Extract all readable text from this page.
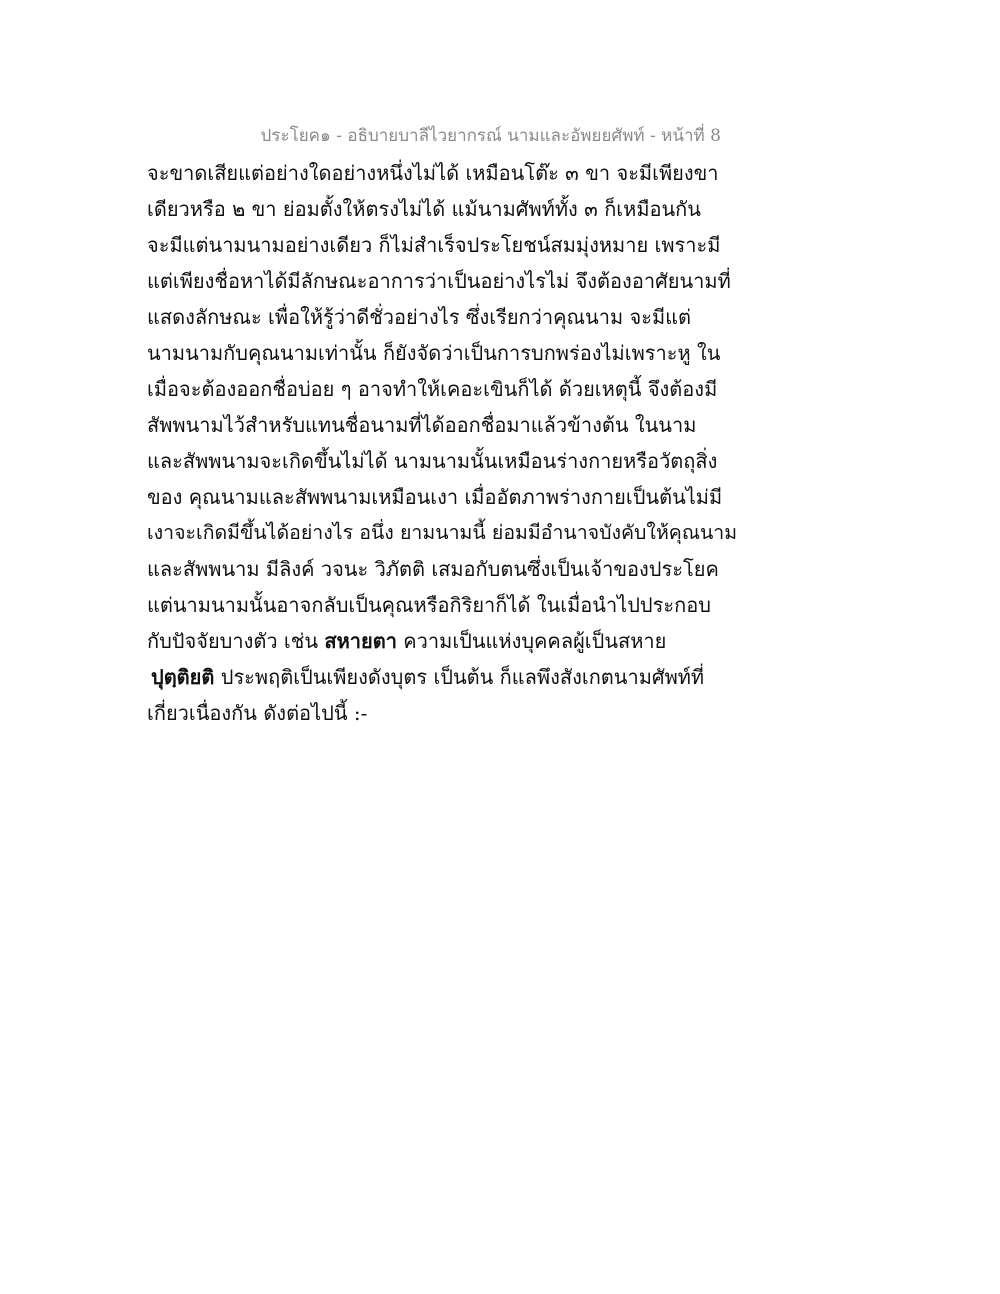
ประโยค๑ - อธิบายบาลีไวยากรณ์ นามและอัพยยศัพท์ - หน้าที่ 8
จะขาดเสียแต่อย่างใดอย่างหนึ่งไม่ได้ เหมือนโต๊ะ ๓ ขา จะมีเพียงขา
เดียวหรือ ๒ ขา ย่อมตั้งให้ตรงไม่ได้ แม้นามศัพท์ทั้ง ๓ ก็เหมือนกัน
จะมีแต่นามนามอย่างเดียว ก็ไม่สำเร็จประโยชน์สมมุ่งหมาย เพราะมี
แต่เพียงชื่อหาได้มีลักษณะอาการว่าเป็นอย่างไรไม่ จึงต้องอาศัยนามที่
แสดงลักษณะ เพื่อให้รู้ว่าดีชั่วอย่างไร ซึ่งเรียกว่าคุณนาม จะมีแต่
นามนามกับคุณนามเท่านั้น ก็ยังจัดว่าเป็นการบกพร่องไม่เพราะหู ใน
เมื่อจะต้องออกชื่อบ่อย ๆ อาจทำให้เคอะเขินก็ได้ ด้วยเหตุนี้ จึงต้องมี
สัพพนามไว้สำหรับแทนชื่อนามที่ได้ออกชื่อมาแล้วข้างต้น ในนาม
และสัพพนามจะเกิดขึ้นไม่ได้ นามนามนั้นเหมือนร่างกายหรือวัตถุสิ่ง
ของ คุณนามและสัพพนามเหมือนเงา เมื่ออัตภาพร่างกายเป็นต้นไม่มี
เงาจะเกิดมีขึ้นได้อย่างไร อนึ่ง ยามนามนี้ ย่อมมีอำนาจบังคับให้คุณนาม
และสัพพนาม มีลิงค์ วจนะ วิภัตติ เสมอกับตนซึ่งเป็นเจ้าของประโยค
แต่นามนามนั้นอาจกลับเป็นคุณหรือกิริยาก็ได้ ในเมื่อนำไปประกอบ
กับปัจจัยบางตัว เช่น สหายตา ความเป็นแห่งบุคคลผู้เป็นสหาย
ปุตฺติยติ ประพฤติเป็นเพียงดังบุตร เป็นต้น ก็แลพึงสังเกตนามศัพท์ที่
เกี่ยวเนื่องกัน ดังต่อไปนี้ :-
